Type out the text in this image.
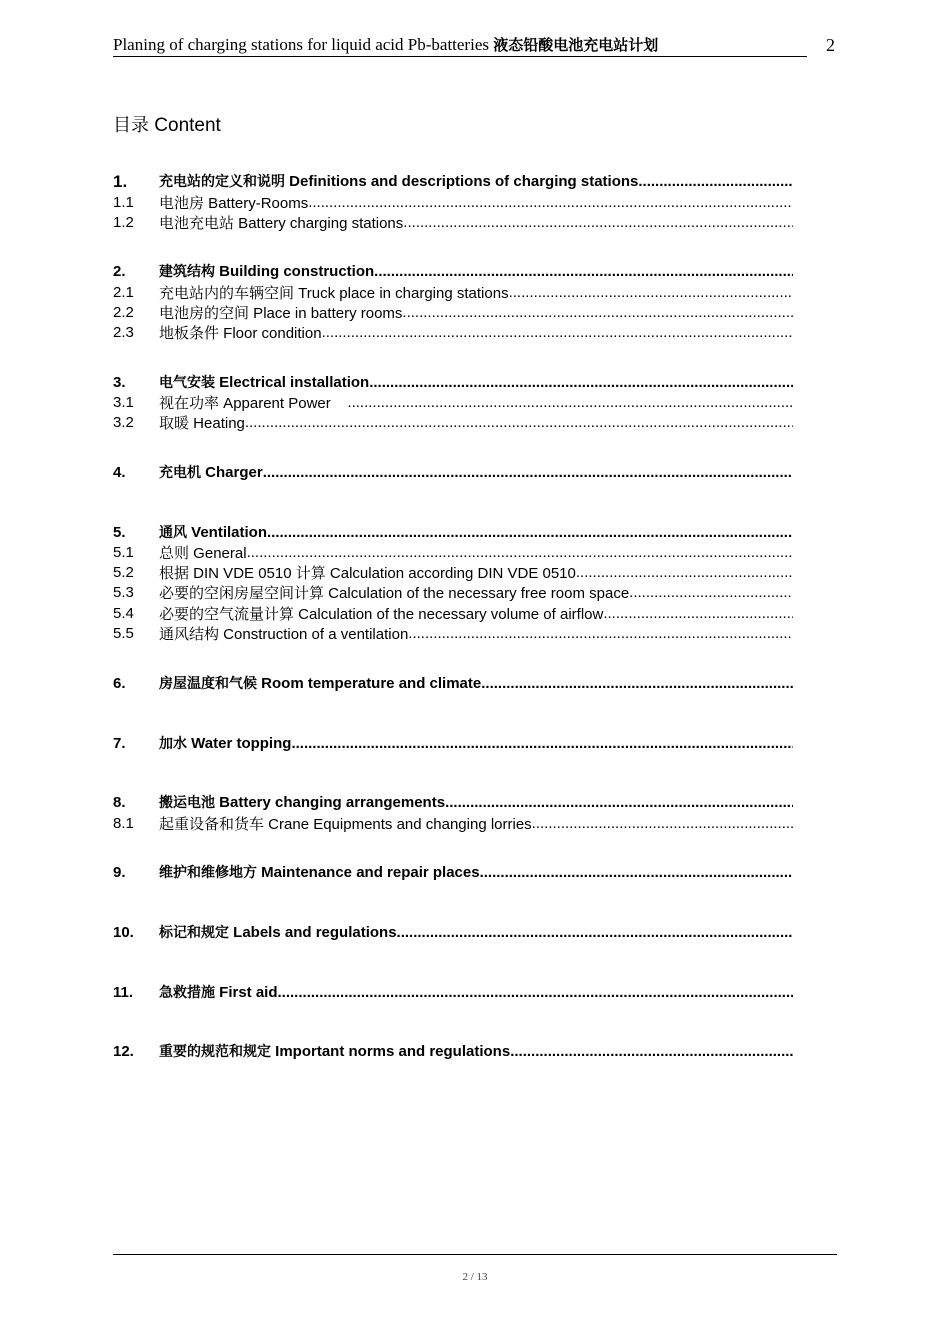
Planing of charging stations for liquid acid Pb-batteries 液态铅酸电池充电站计划	2
目录 Content
1.	充电站的定义和说明 Definitions and descriptions of charging stations
.....
1.1	电池房 Battery-Rooms
.....
1.2	电池充电站 Battery charging stations
.....
2.	建筑结构 Building construction
.....
2.1	充电站内的车辆空间 Truck place in charging stations
.....
2.2	电池房的空间 Place in battery rooms
.....
2.3	地板条件 Floor condition
.....
3.	电气安装 Electrical installation
.....
3.1	视在功率 Apparent Power
.....
3.2	取暖 Heating
.....
4.	充电机 Charger
.....
5.	通风 Ventilation
.....
5.1	总则 General
.....
5.2	根据 DIN VDE 0510 计算 Calculation according DIN VDE 0510
.....
5.3	必要的空闲房屋空间计算 Calculation of the necessary free room space
.....
5.4	必要的空气流量计算 Calculation of the necessary volume of airflow
.....
5.5	通风结构 Construction of a ventilation
.....
6.	房屋温度和气候 Room temperature and climate
.....
7.	加水 Water topping
.....
8.	搬运电池 Battery changing arrangements
.....
8.1	起重设备和货车 Crane Equipments and changing lorries
.....
9.	维护和维修地方 Maintenance and repair places
.....
10.	标记和规定 Labels and regulations
.....
11.	急救措施 First aid
.....
12.	重要的规范和规定 Important norms and regulations
.....
2 / 13
